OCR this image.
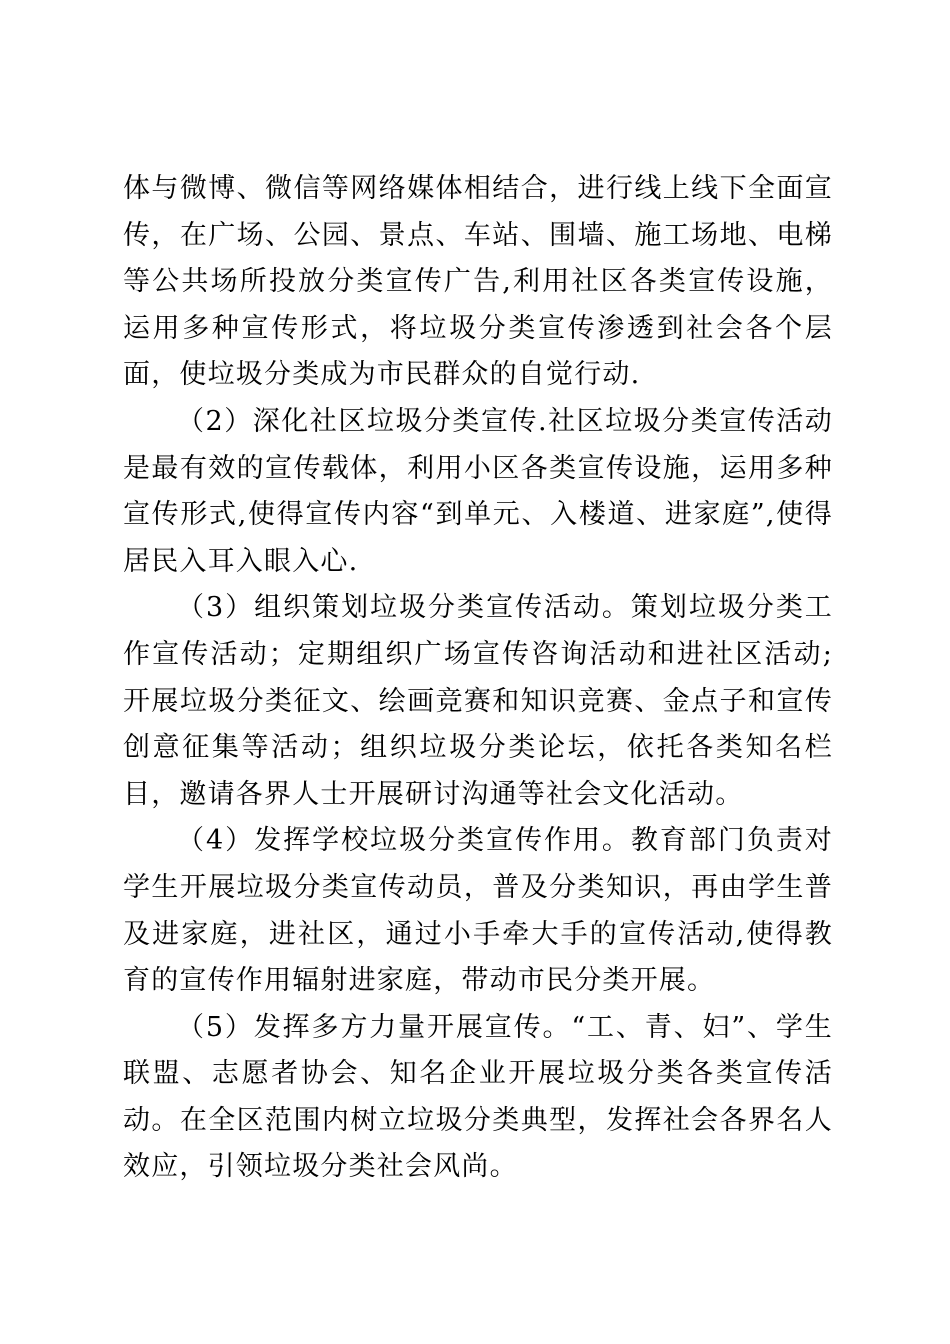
体与微博、微信等网络媒体相结合，进行线上线下全面宣传，在广场、公园、景点、车站、围墙、施工场地、电梯等公共场所投放分类宣传广告,利用社区各类宣传设施，运用多种宣传形式，将垃圾分类宣传渗透到社会各个层面，使垃圾分类成为市民群众的自觉行动.

（2）深化社区垃圾分类宣传.社区垃圾分类宣传活动是最有效的宣传载体，利用小区各类宣传设施，运用多种宣传形式,使得宣传内容“到单元、入楼道、进家庭”,使得居民入耳入眼入心.

（3）组织策划垃圾分类宣传活动。策划垃圾分类工作宣传活动；定期组织广场宣传咨询活动和进社区活动;开展垃圾分类征文、绘画竞赛和知识竞赛、金点子和宣传创意征集等活动；组织垃圾分类论坛，依托各类知名栏目，邀请各界人士开展研讨沟通等社会文化活动。

（4）发挥学校垃圾分类宣传作用。教育部门负责对学生开展垃圾分类宣传动员，普及分类知识，再由学生普及进家庭，进社区，通过小手牵大手的宣传活动,使得教育的宣传作用辐射进家庭，带动市民分类开展。

（5）发挥多方力量开展宣传。“工、青、妇”、学生联盟、志愿者协会、知名企业开展垃圾分类各类宣传活动。在全区范围内树立垃圾分类典型，发挥社会各界名人效应，引领垃圾分类社会风尚。
